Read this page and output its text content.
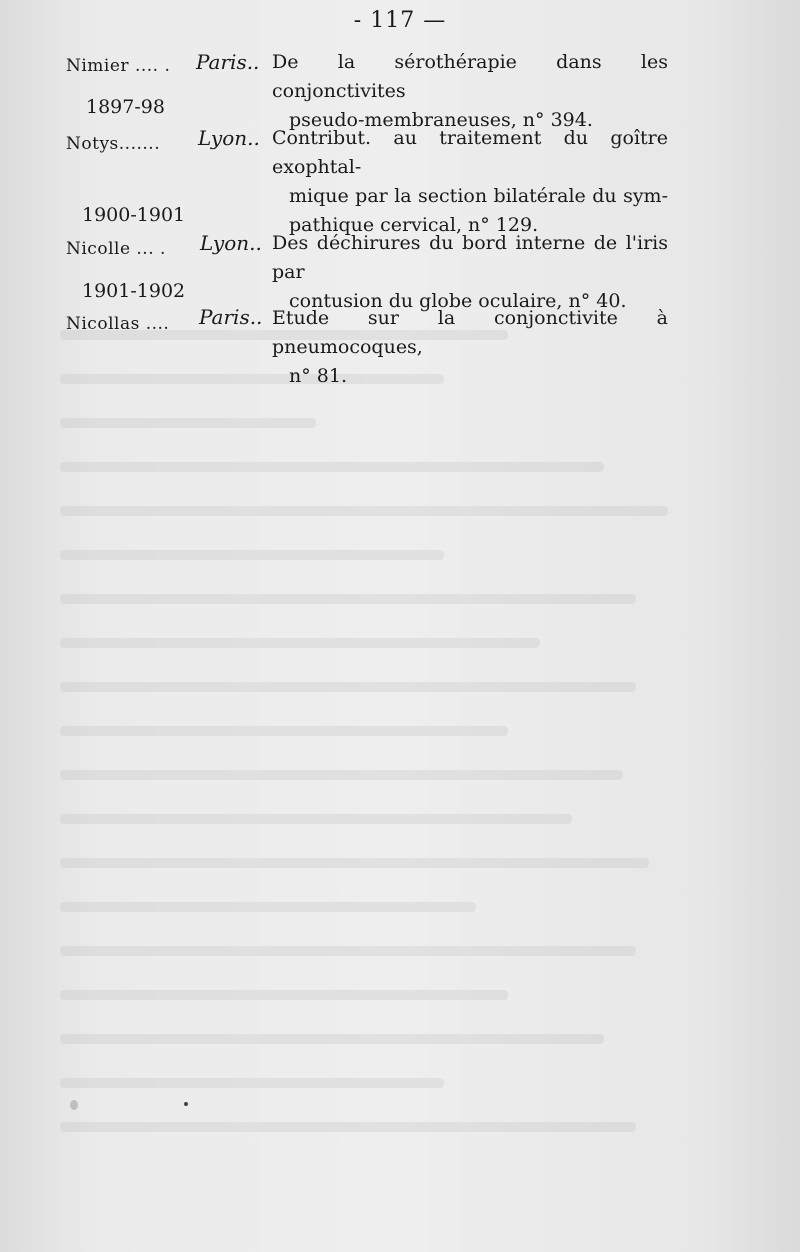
- 117 —
Nimier .... . Paris.. De la sérothérapie dans les conjonctivites
pseudo-membraneuses, n° 394.
1897-98
Notys....... Lyon.. Contribut. au traitement du goître exophtal-
mique par la section bilatérale du sym-
pathique cervical, n° 129.
1900-1901
Nicolle ... . Lyon.. Des déchirures du bord interne de l'iris par
contusion du globe oculaire, n° 40.
1901-1902
Nicollas .... Paris.. Etude sur la conjonctivite à pneumocoques,
n° 81.
